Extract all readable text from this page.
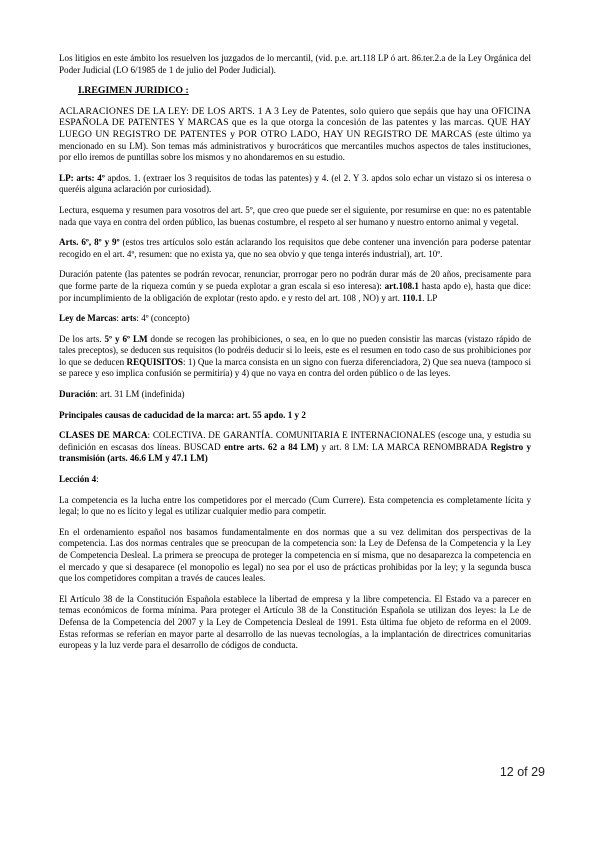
Los litigios en este ámbito los resuelven los juzgados de lo mercantil, (vid. p.e. art.118 LP ó art. 86.ter.2.a de la Ley Orgánica del Poder Judicial (LO 6/1985 de 1 de julio del Poder Judicial).

I.REGIMEN JURIDICO :

ACLARACIONES DE LA LEY: DE LOS ARTS. 1 A 3 Ley de Patentes, solo quiero que sepáis que hay una OFICINA ESPAÑOLA DE PATENTES Y MARCAS que es la que otorga la concesión de las patentes y las marcas. QUE HAY LUEGO UN REGISTRO DE PATENTES y POR OTRO LADO, HAY UN REGISTRO DE MARCAS (este último ya mencionado en su LM). Son temas más administrativos y burocráticos que mercantiles muchos aspectos de tales instituciones, por ello iremos de puntillas sobre los mismos y no ahondaremos en su estudio.

LP: arts: 4º apdos. 1. (extraer los 3 requisitos de todas las patentes) y 4. (el 2. Y 3. apdos solo echar un vistazo si os interesa o queréis alguna aclaración por curiosidad).

Lectura, esquema y resumen para vosotros del art. 5º, que creo que puede ser el siguiente, por resumirse en que: no es patentable nada que vaya en contra del orden público, las buenas costumbre, el respeto al ser humano y nuestro entorno animal y vegetal.

Arts. 6º, 8º y 9º (estos tres artículos solo están aclarando los requisitos que debe contener una invención para poderse patentar recogido en el art. 4º, resumen: que no exista ya, que no sea obvio y que tenga interés industrial), art. 10º.

Duración patente (las patentes se podrán revocar, renunciar, prorrogar pero no podrán durar más de 20 años, precisamente para que forme parte de la riqueza común y se pueda explotar a gran escala si eso interesa): art.108.1 hasta apdo e), hasta que dice: por incumplimiento de la obligación de explotar (resto apdo. e y resto del art. 108 , NO) y art. 110.1. LP

Ley de Marcas: arts: 4º (concepto)

De los arts. 5º y 6º LM donde se recogen las prohibiciones, o sea, en lo que no pueden consistir las marcas (vistazo rápido de tales preceptos), se deducen sus requisitos (lo podréis deducir si lo leeis, este es el resumen en todo caso de sus prohibiciones por lo que se deducen REQUISITOS: 1) Que la marca consista en un signo con fuerza diferenciadora, 2) Que sea nueva (tampoco si se parece y eso implica confusión se permitiría) y 4) que no vaya en contra del orden público o de las leyes.

Duración: art. 31 LM (indefinida)

Principales causas de caducidad de la marca: art. 55 apdo. 1 y 2

CLASES DE MARCA: COLECTIVA. DE GARANTÍA. COMUNITARIA E INTERNACIONALES (escoge una, y estudia su definición en escasas dos líneas. BUSCAD entre arts. 62 a 84 LM) y art. 8 LM: LA MARCA RENOMBRADA Registro y transmisión (arts. 46.6 LM y 47.1 LM)

Lección 4:

La competencia es la lucha entre los competidores por el mercado (Cum Currere). Esta competencia es completamente lícita y legal; lo que no es lícito y legal es utilizar cualquier medio para competir.

En el ordenamiento español nos basamos fundamentalmente en dos normas que a su vez delimitan dos perspectivas de la competencia. Las dos normas centrales que se preocupan de la competencia son: la Ley de Defensa de la Competencia y la Ley de Competencia Desleal. La primera se preocupa de proteger la competencia en sí misma, que no desaparezca la competencia en el mercado y que si desaparece (el monopolio es legal) no sea por el uso de prácticas prohibidas por la ley; y la segunda busca que los competidores compitan a través de cauces leales.

El Artículo 38 de la Constitución Española establece la libertad de empresa y la libre competencia. El Estado va a parecer en temas económicos de forma mínima. Para proteger el Artículo 38 de la Constitución Española se utilizan dos leyes: la Le de Defensa de la Competencia del 2007 y la Ley de Competencia Desleal de 1991. Esta última fue objeto de reforma en el 2009. Estas reformas se referían en mayor parte al desarrollo de las nuevas tecnologías, a la implantación de directrices comunitarias europeas y la luz verde para el desarrollo de códigos de conducta.

12 of 29
